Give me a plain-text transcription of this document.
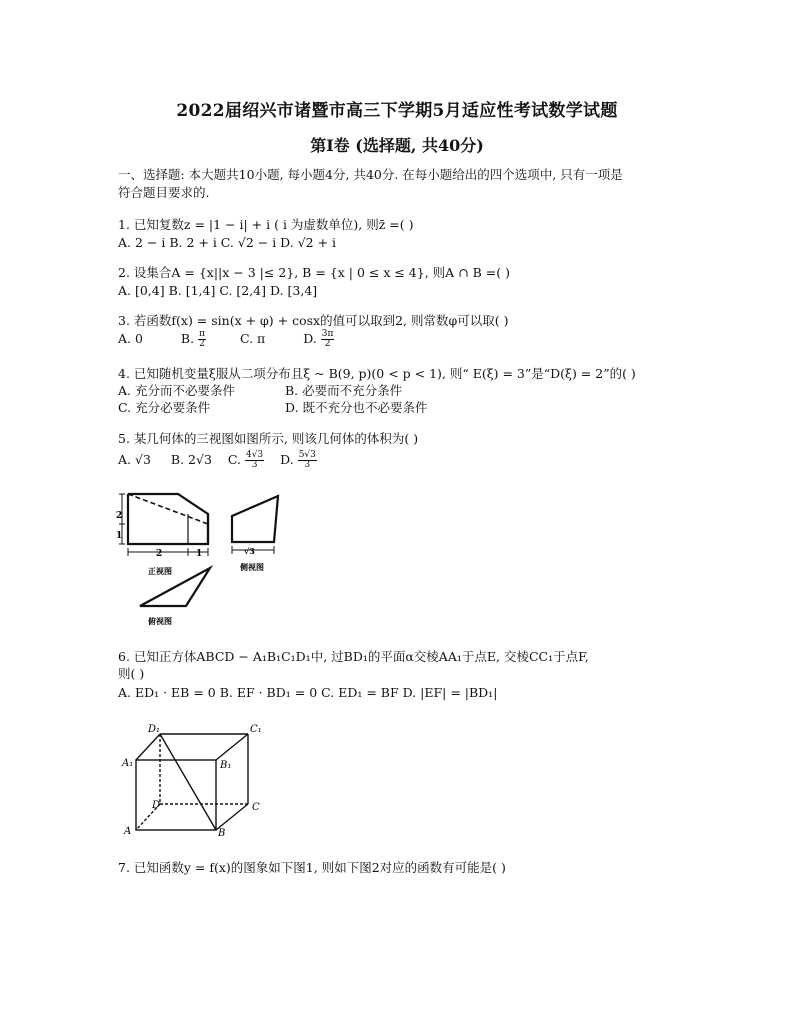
2022届绍兴市诸暨市高三下学期5月适应性考试数学试题
第I卷 (选择题, 共40分)
一、选择题: 本大题共10小题, 每小题4分, 共40分. 在每小题给出的四个选项中, 只有一项是
符合题目要求的.
1. 已知复数z = |1 − i| + i ( i 为虚数单位), 则z̄ =( )
A. 2 − i B. 2 + i C. √2 − i D. √2 + i
2. 设集合A = {x||x − 3 |≤ 2}, B = {x | 0 ≤ x ≤ 4}, 则A ∩ B =( )
A. [0,4] B. [1,4] C. [2,4] D. [3,4]
3. 若函数f(x) = sin(x + φ) + cosx的值可以取到2, 则常数φ可以取( )
A. 0	B. $\frac{\pi}{2}$	C. π	D. $\frac{3\pi}{2}$
4. 已知随机变量ξ服从二项分布且ξ ~ B(9, p)(0 < p < 1), 则“ E(ξ) = 3”是“D(ξ) = 2”的( )
A. 充分而不必要条件	B. 必要而不充分条件
C. 充分必要条件	D. 既不充分也不必要条件
5. 某几何体的三视图如图所示, 则该几何体的体积为( )
A. √3 B. 2√3 C. $\frac{4√3}{3} D$. $\frac{5√3}{3}$
2
1
2	1
正视图
√3
侧视图
俯视图
6. 已知正方体ABCD − A₁B₁C₁D₁中, 过BD₁的平面α交棱AA₁于点E, 交棱CC₁于点F,
则( )
A. ED₁ · EB = 0 B. EF · BD₁ = 0 C. ED₁ = BF D. |EF| = |BD₁|
D₁	C₁
A₁	B₁
D	C
A	B
7. 已知函数y = f(x)的图象如下图1, 则如下图2对应的函数有可能是( )
